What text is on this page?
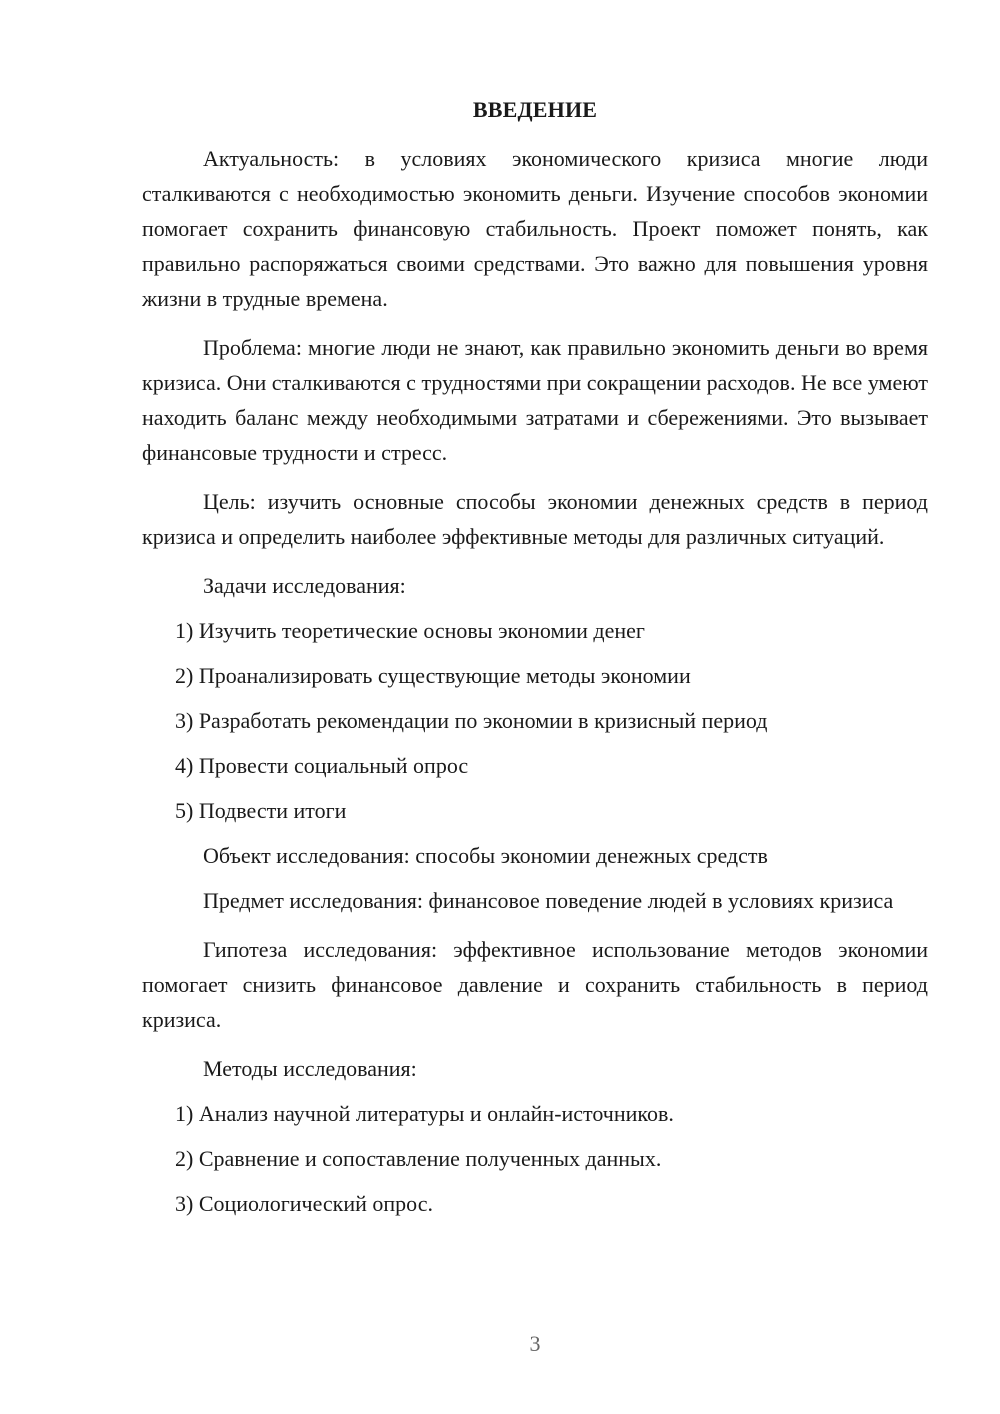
ВВЕДЕНИЕ

Актуальность: в условиях экономического кризиса многие люди сталкиваются с необходимостью экономить деньги. Изучение способов экономии помогает сохранить финансовую стабильность. Проект поможет понять, как правильно распоряжаться своими средствами. Это важно для повышения уровня жизни в трудные времена.

Проблема: многие люди не знают, как правильно экономить деньги во время кризиса. Они сталкиваются с трудностями при сокращении расходов. Не все умеют находить баланс между необходимыми затратами и сбережениями. Это вызывает финансовые трудности и стресс.

Цель: изучить основные способы экономии денежных средств в период кризиса и определить наиболее эффективные методы для различных ситуаций.

Задачи исследования:

1) Изучить теоретические основы экономии денег

2) Проанализировать существующие методы экономии

3) Разработать рекомендации по экономии в кризисный период

4) Провести социальный опрос

5) Подвести итоги

Объект исследования: способы экономии денежных средств

Предмет исследования: финансовое поведение людей в условиях кризиса

Гипотеза исследования: эффективное использование методов экономии помогает снизить финансовое давление и сохранить стабильность в период кризиса.

Методы исследования:

1) Анализ научной литературы и онлайн-источников.

2) Сравнение и сопоставление полученных данных.

3) Социологический опрос.

3
